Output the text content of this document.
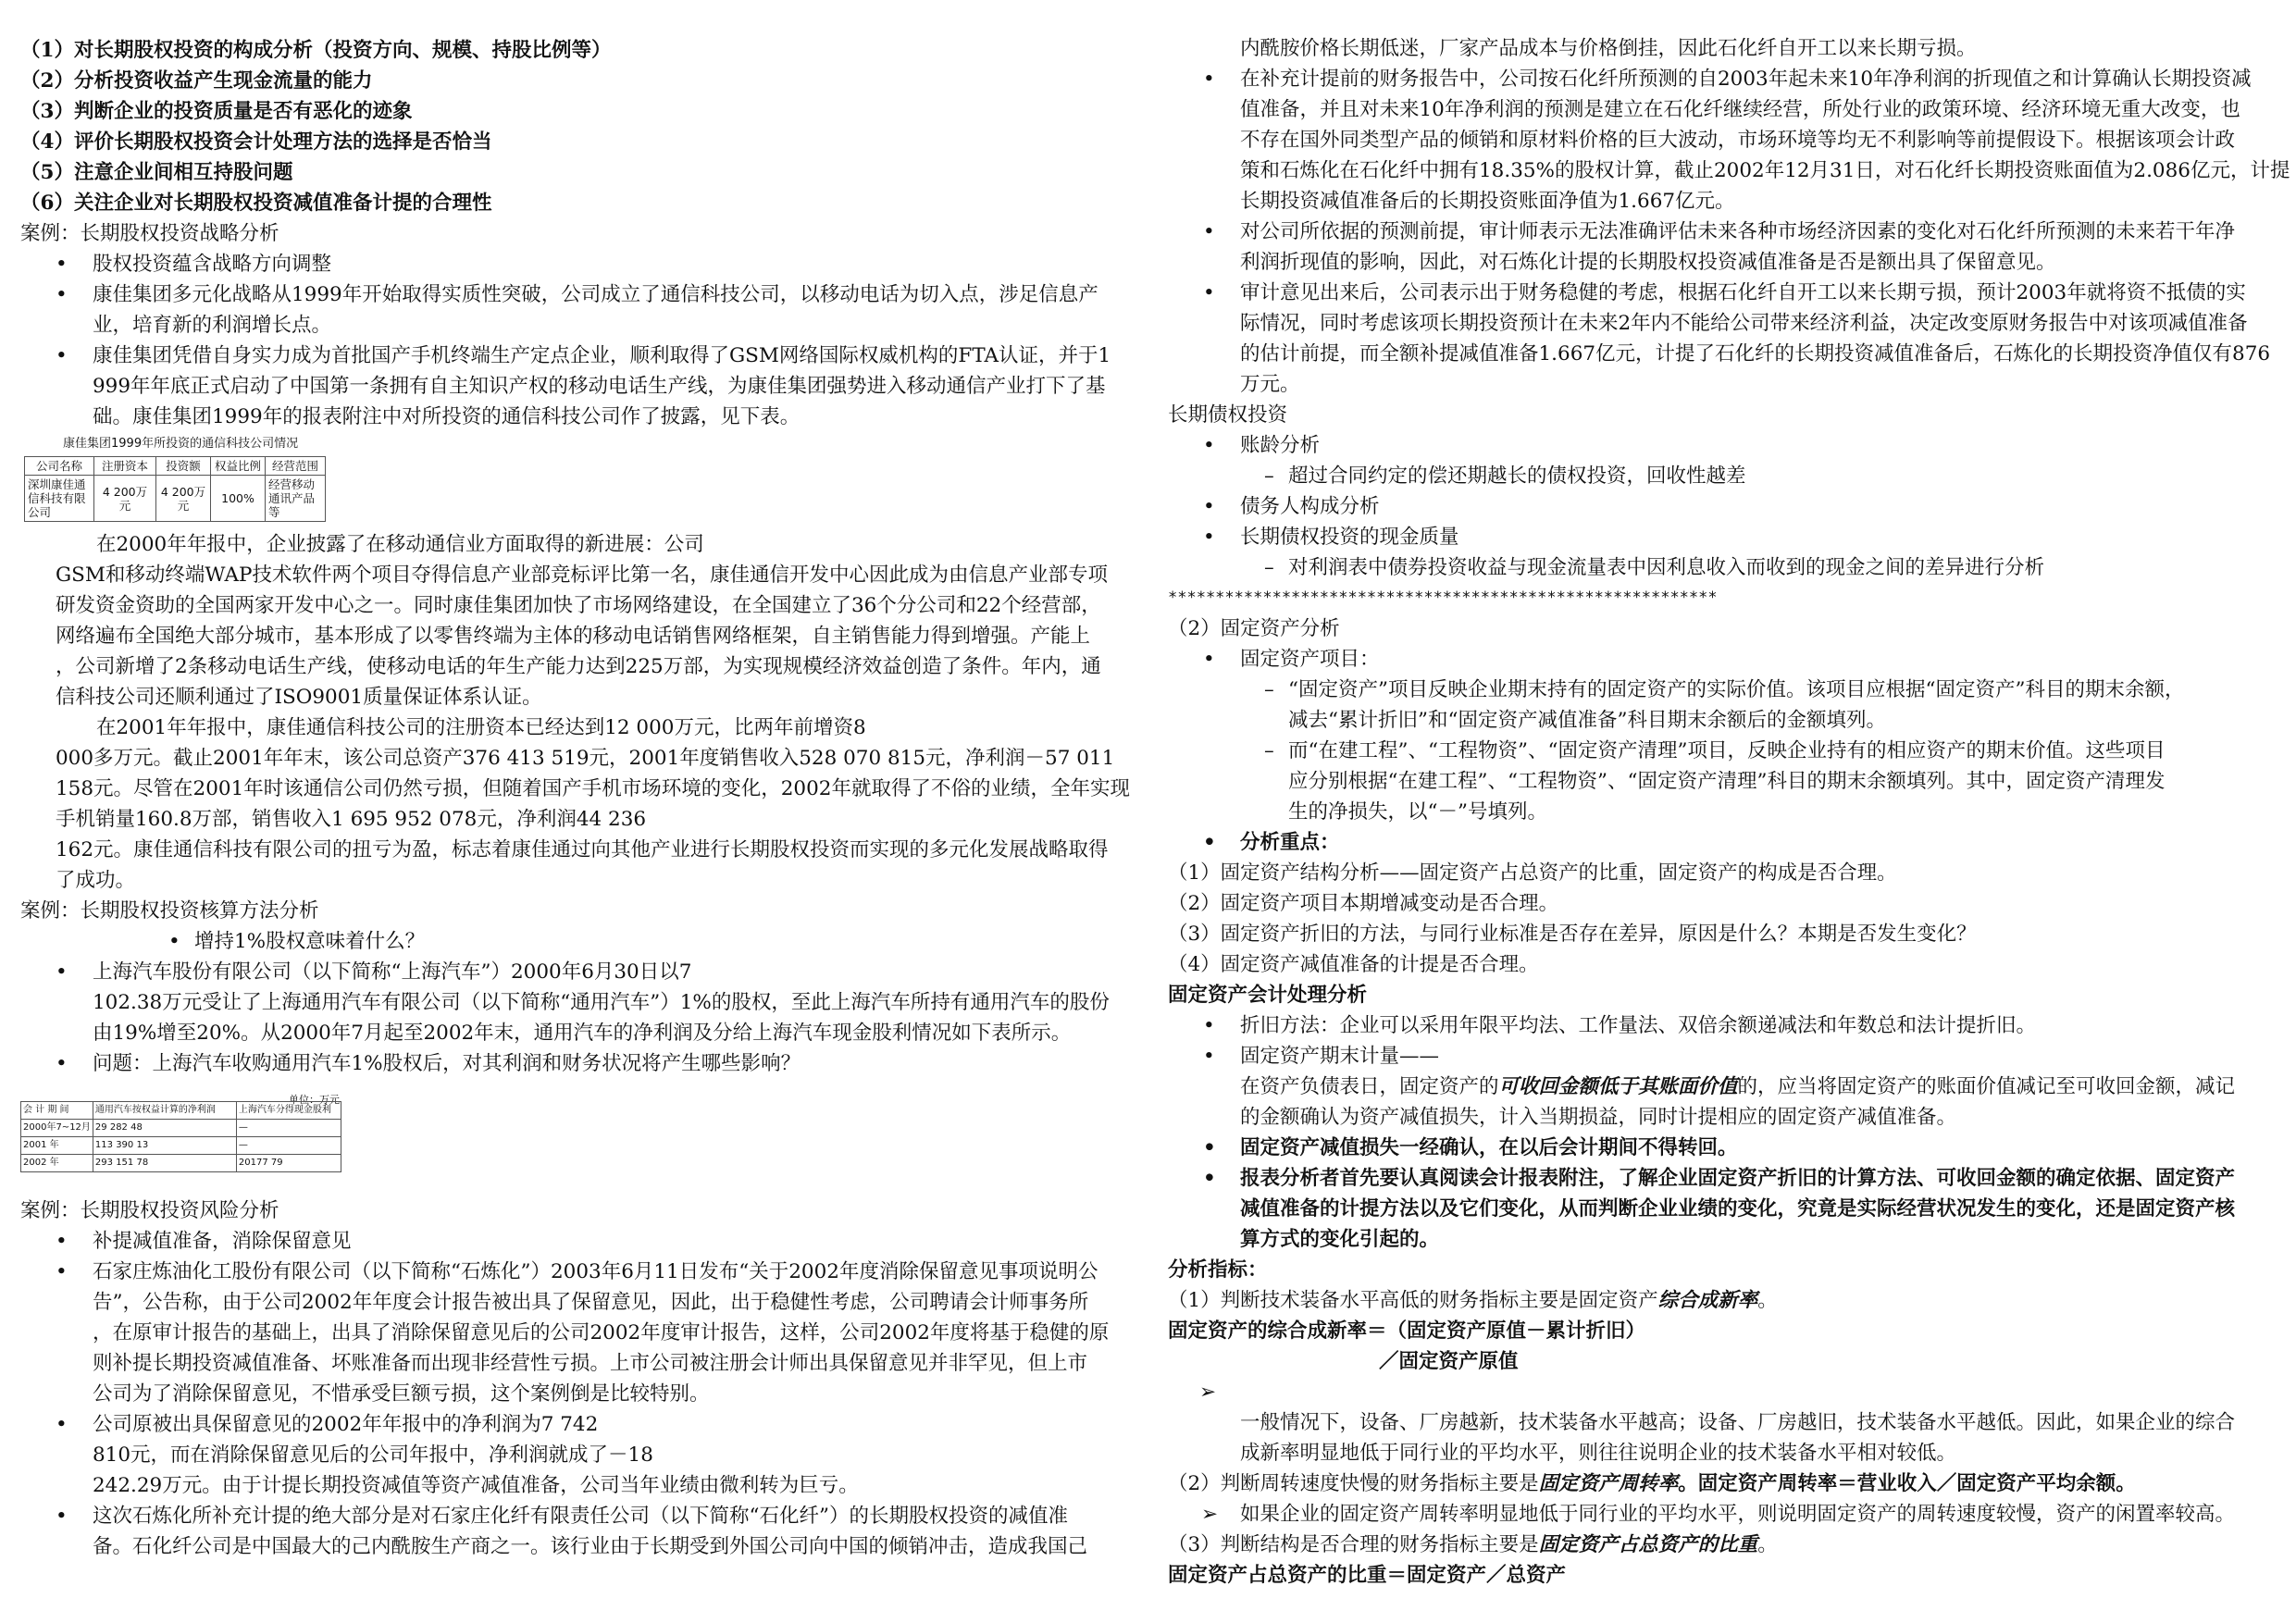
（1）对长期股权投资的构成分析（投资方向、规模、持股比例等）
（2）分析投资收益产生现金流量的能力
（3）判断企业的投资质量是否有恶化的迹象
（4）评价长期股权投资会计处理方法的选择是否恰当
（5）注意企业间相互持股问题
（6）关注企业对长期股权投资减值准备计提的合理性
案例：长期股权投资战略分析
• 股权投资蕴含战略方向调整
• 康佳集团多元化战略从1999年开始取得实质性突破，公司成立了通信科技公司，以移动电话为切入点，涉足信息产
业，培育新的利润增长点。
• 康佳集团凭借自身实力成为首批国产手机终端生产定点企业，顺利取得了GSM网络国际权威机构的FTA认证，并于1
999年年底正式启动了中国第一条拥有自主知识产权的移动电话生产线，为康佳集团强势进入移动通信产业打下了基
础。康佳集团1999年的报表附注中对所投资的通信科技公司作了披露，见下表。
康佳集团1999年所投资的通信科技公司情况
公司名称	注册资本	投资额	权益比例	经营范围
深圳康佳通信科技有限公司	4 200万元	4 200万元	100%	经营移动通讯产品等
在2000年年报中，企业披露了在移动通信业方面取得的新进展：公司
GSM和移动终端WAP技术软件两个项目夺得信息产业部竞标评比第一名，康佳通信开发中心因此成为由信息产业部专项
研发资金资助的全国两家开发中心之一。同时康佳集团加快了市场网络建设，在全国建立了36个分公司和22个经营部，
网络遍布全国绝大部分城市，基本形成了以零售终端为主体的移动电话销售网络框架，自主销售能力得到增强。产能上
，公司新增了2条移动电话生产线，使移动电话的年生产能力达到225万部，为实现规模经济效益创造了条件。年内，通
信科技公司还顺利通过了ISO9001质量保证体系认证。
在2001年年报中，康佳通信科技公司的注册资本已经达到12 000万元，比两年前增资8
000多万元。截止2001年年末，该公司总资产376 413 519元，2001年度销售收入528 070 815元，净利润－57 011
158元。尽管在2001年时该通信公司仍然亏损，但随着国产手机市场环境的变化，2002年就取得了不俗的业绩，全年实现
手机销量160.8万部，销售收入1 695 952 078元，净利润44 236
162元。康佳通信科技有限公司的扭亏为盈，标志着康佳通过向其他产业进行长期股权投资而实现的多元化发展战略取得
了成功。
案例：长期股权投资核算方法分析
• 增持1%股权意味着什么？
• 上海汽车股份有限公司（以下简称“上海汽车”）2000年6月30日以7
102.38万元受让了上海通用汽车有限公司（以下简称“通用汽车”）1%的股权，至此上海汽车所持有通用汽车的股份
由19%增至20%。从2000年7月起至2002年末，通用汽车的净利润及分给上海汽车现金股利情况如下表所示。
• 问题：上海汽车收购通用汽车1%股权后，对其利润和财务状况将产生哪些影响？
单位：万元
会 计 期 间	通用汽车按权益计算的净利润	上海汽车分得现金股利
2000年7~12月	29 282 48	—
2001 年	113 390 13	—
2002 年	293 151 78	20177 79
案例：长期股权投资风险分析
• 补提减值准备，消除保留意见
• 石家庄炼油化工股份有限公司（以下简称“石炼化”）2003年6月11日发布“关于2002年度消除保留意见事项说明公
告”，公告称，由于公司2002年年度会计报告被出具了保留意见，因此，出于稳健性考虑，公司聘请会计师事务所
，在原审计报告的基础上，出具了消除保留意见后的公司2002年度审计报告，这样，公司2002年度将基于稳健的原
则补提长期投资减值准备、坏账准备而出现非经营性亏损。上市公司被注册会计师出具保留意见并非罕见，但上市
公司为了消除保留意见，不惜承受巨额亏损，这个案例倒是比较特别。
• 公司原被出具保留意见的2002年年报中的净利润为7 742
810元，而在消除保留意见后的公司年报中，净利润就成了－18
242.29万元。由于计提长期投资减值等资产减值准备，公司当年业绩由微利转为巨亏。
• 这次石炼化所补充计提的绝大部分是对石家庄化纤有限责任公司（以下简称“石化纤”）的长期股权投资的减值准
备。石化纤公司是中国最大的己内酰胺生产商之一。该行业由于长期受到外国公司向中国的倾销冲击，造成我国己
内酰胺价格长期低迷，厂家产品成本与价格倒挂，因此石化纤自开工以来长期亏损。
• 在补充计提前的财务报告中，公司按石化纤所预测的自2003年起未来10年净利润的折现值之和计算确认长期投资减
值准备，并且对未来10年净利润的预测是建立在石化纤继续经营，所处行业的政策环境、经济环境无重大改变，也
不存在国外同类型产品的倾销和原材料价格的巨大波动，市场环境等均无不利影响等前提假设下。根据该项会计政
策和石炼化在石化纤中拥有18.35%的股权计算，截止2002年12月31日，对石化纤长期投资账面值为2.086亿元，计提
长期投资减值准备后的长期投资账面净值为1.667亿元。
• 对公司所依据的预测前提，审计师表示无法准确评估未来各种市场经济因素的变化对石化纤所预测的未来若干年净
利润折现值的影响，因此，对石炼化计提的长期股权投资减值准备是否是额出具了保留意见。
• 审计意见出来后，公司表示出于财务稳健的考虑，根据石化纤自开工以来长期亏损，预计2003年就将资不抵债的实
际情况，同时考虑该项长期投资预计在未来2年内不能给公司带来经济利益，决定改变原财务报告中对该项减值准备
的估计前提，而全额补提减值准备1.667亿元，计提了石化纤的长期投资减值准备后，石炼化的长期投资净值仅有876
万元。
长期债权投资
• 账龄分析
– 超过合同约定的偿还期越长的债权投资，回收性越差
• 债务人构成分析
• 长期债权投资的现金质量
– 对利润表中债券投资收益与现金流量表中因利息收入而收到的现金之间的差异进行分析
**********************************************************
（2）固定资产分析
• 固定资产项目：
– “固定资产”项目反映企业期末持有的固定资产的实际价值。该项目应根据“固定资产”科目的期末余额，
减去“累计折旧”和“固定资产减值准备”科目期末余额后的金额填列。
– 而“在建工程”、“工程物资”、“固定资产清理”项目，反映企业持有的相应资产的期末价值。这些项目
应分别根据“在建工程”、“工程物资”、“固定资产清理”科目的期末余额填列。其中，固定资产清理发
生的净损失，以“－”号填列。
• 分析重点：
（1）固定资产结构分析——固定资产占总资产的比重，固定资产的构成是否合理。
（2）固定资产项目本期增减变动是否合理。
（3）固定资产折旧的方法，与同行业标准是否存在差异，原因是什么？本期是否发生变化？
（4）固定资产减值准备的计提是否合理。
固定资产会计处理分析
• 折旧方法：企业可以采用年限平均法、工作量法、双倍余额递减法和年数总和法计提折旧。
• 固定资产期末计量——
在资产负债表日，固定资产的可收回金额低于其账面价值的，应当将固定资产的账面价值减记至可收回金额，减记
的金额确认为资产减值损失，计入当期损益，同时计提相应的固定资产减值准备。
• 固定资产减值损失一经确认，在以后会计期间不得转回。
• 报表分析者首先要认真阅读会计报表附注，了解企业固定资产折旧的计算方法、可收回金额的确定依据、固定资产
减值准备的计提方法以及它们变化，从而判断企业业绩的变化，究竟是实际经营状况发生的变化，还是固定资产核
算方式的变化引起的。
分析指标：
（1）判断技术装备水平高低的财务指标主要是固定资产综合成新率。
固定资产的综合成新率＝（固定资产原值－累计折旧）
／固定资产原值
➢
一般情况下，设备、厂房越新，技术装备水平越高；设备、厂房越旧，技术装备水平越低。因此，如果企业的综合
成新率明显地低于同行业的平均水平，则往往说明企业的技术装备水平相对较低。
（2）判断周转速度快慢的财务指标主要是固定资产周转率。固定资产周转率＝营业收入／固定资产平均余额。
➢ 如果企业的固定资产周转率明显地低于同行业的平均水平，则说明固定资产的周转速度较慢，资产的闲置率较高。
（3）判断结构是否合理的财务指标主要是固定资产占总资产的比重。
固定资产占总资产的比重＝固定资产／总资产
